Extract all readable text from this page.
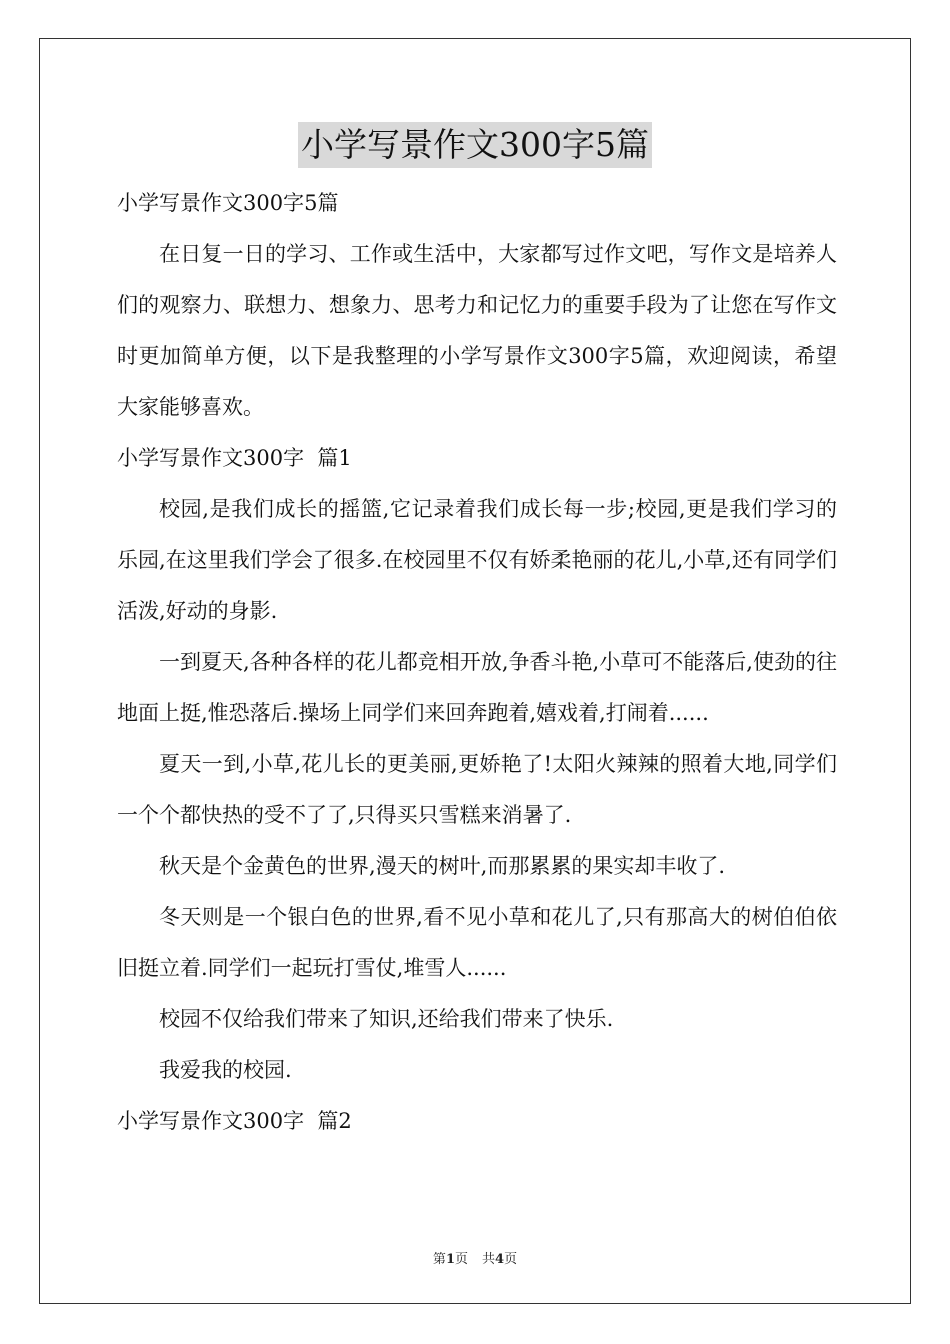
小学写景作文300字5篇

小学写景作文300字5篇

在日复一日的学习、工作或生活中，大家都写过作文吧，写作文是培养人们的观察力、联想力、想象力、思考力和记忆力的重要手段为了让您在写作文时更加简单方便，以下是我整理的小学写景作文300字5篇，欢迎阅读，希望大家能够喜欢。

小学写景作文300字  篇1

校园,是我们成长的摇篮,它记录着我们成长每一步;校园,更是我们学习的乐园,在这里我们学会了很多.在校园里不仅有娇柔艳丽的花儿,小草,还有同学们活泼,好动的身影.

一到夏天,各种各样的花儿都竞相开放,争香斗艳,小草可不能落后,使劲的往地面上挺,惟恐落后.操场上同学们来回奔跑着,嬉戏着,打闹着......

夏天一到,小草,花儿长的更美丽,更娇艳了!太阳火辣辣的照着大地,同学们一个个都快热的受不了了,只得买只雪糕来消暑了.

秋天是个金黄色的世界,漫天的树叶,而那累累的果实却丰收了.

冬天则是一个银白色的世界,看不见小草和花儿了,只有那高大的树伯伯依旧挺立着.同学们一起玩打雪仗,堆雪人......

校园不仅给我们带来了知识,还给我们带来了快乐.

我爱我的校园.

小学写景作文300字  篇2

第1页 共4页
